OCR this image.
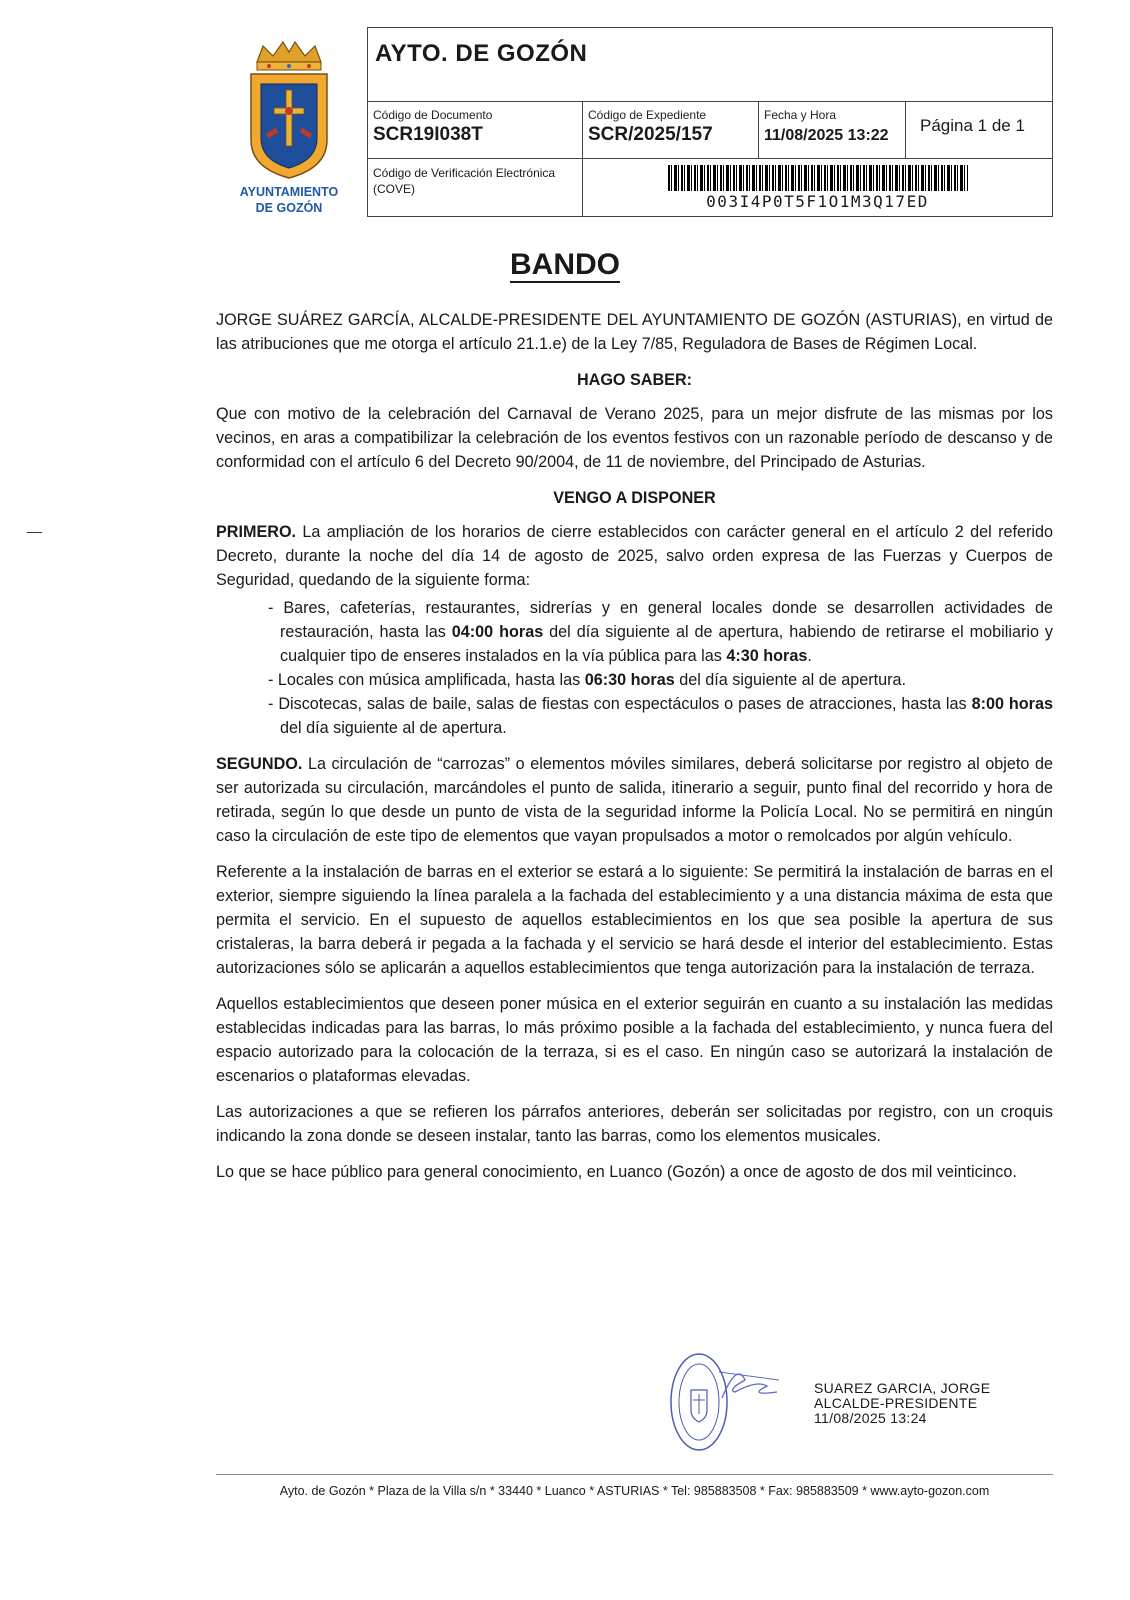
AYUNTAMIENTO
DE GOZÓN
AYTO. DE GOZÓN
Código de Documento
SCR19I038T
Código de Expediente
SCR/2025/157
Fecha y Hora
11/08/2025 13:22
Página 1 de 1
Código de Verificación Electrónica (COVE)
003I4P0T5F1O1M3Q17ED
BANDO

JORGE SUÁREZ GARCÍA, ALCALDE-PRESIDENTE DEL AYUNTAMIENTO DE GOZÓN (ASTURIAS), en virtud de las atribuciones que me otorga el artículo 21.1.e) de la Ley 7/85, Reguladora de Bases de Régimen Local.

HAGO SABER:

Que con motivo de la celebración del Carnaval de Verano 2025, para un mejor disfrute de las mismas por los vecinos, en aras a compatibilizar la celebración de los eventos festivos con un razonable período de descanso y de conformidad con el artículo 6 del Decreto 90/2004, de 11 de noviembre, del Principado de Asturias.

VENGO A DISPONER

PRIMERO. La ampliación de los horarios de cierre establecidos con carácter general en el artículo 2 del referido Decreto, durante la noche del día 14 de agosto de 2025, salvo orden expresa de las Fuerzas y Cuerpos de Seguridad, quedando de la siguiente forma:

- Bares, cafeterías, restaurantes, sidrerías y en general locales donde se desarrollen actividades de restauración, hasta las 04:00 horas del día siguiente al de apertura, habiendo de retirarse el mobiliario y cualquier tipo de enseres instalados en la vía pública para las 4:30 horas.
- Locales con música amplificada, hasta las 06:30 horas del día siguiente al de apertura.
- Discotecas, salas de baile, salas de fiestas con espectáculos o pases de atracciones, hasta las 8:00 horas del día siguiente al de apertura.

SEGUNDO. La circulación de “carrozas” o elementos móviles similares, deberá solicitarse por registro al objeto de ser autorizada su circulación, marcándoles el punto de salida, itinerario a seguir, punto final del recorrido y hora de retirada, según lo que desde un punto de vista de la seguridad informe la Policía Local. No se permitirá en ningún caso la circulación de este tipo de elementos que vayan propulsados a motor o remolcados por algún vehículo.

Referente a la instalación de barras en el exterior se estará a lo siguiente: Se permitirá la instalación de barras en el exterior, siempre siguiendo la línea paralela a la fachada del establecimiento y a una distancia máxima de esta que permita el servicio. En el supuesto de aquellos establecimientos en los que sea posible la apertura de sus cristaleras, la barra deberá ir pegada a la fachada y el servicio se hará desde el interior del establecimiento. Estas autorizaciones sólo se aplicarán a aquellos establecimientos que tenga autorización para la instalación de terraza.

Aquellos establecimientos que deseen poner música en el exterior seguirán en cuanto a su instalación las medidas establecidas indicadas para las barras, lo más próximo posible a la fachada del establecimiento, y nunca fuera del espacio autorizado para la colocación de la terraza, si es el caso. En ningún caso se autorizará la instalación de escenarios o plataformas elevadas.

Las autorizaciones a que se refieren los párrafos anteriores, deberán ser solicitadas por registro, con un croquis indicando la zona donde se deseen instalar, tanto las barras, como los elementos musicales.

Lo que se hace público para general conocimiento, en Luanco (Gozón) a once de agosto de dos mil veinticinco.

SUAREZ GARCIA, JORGE
ALCALDE-PRESIDENTE
11/08/2025 13:24
Ayto. de Gozón * Plaza de la Villa s/n * 33440 * Luanco * ASTURIAS * Tel: 985883508 * Fax: 985883509 * www.ayto-gozon.com
